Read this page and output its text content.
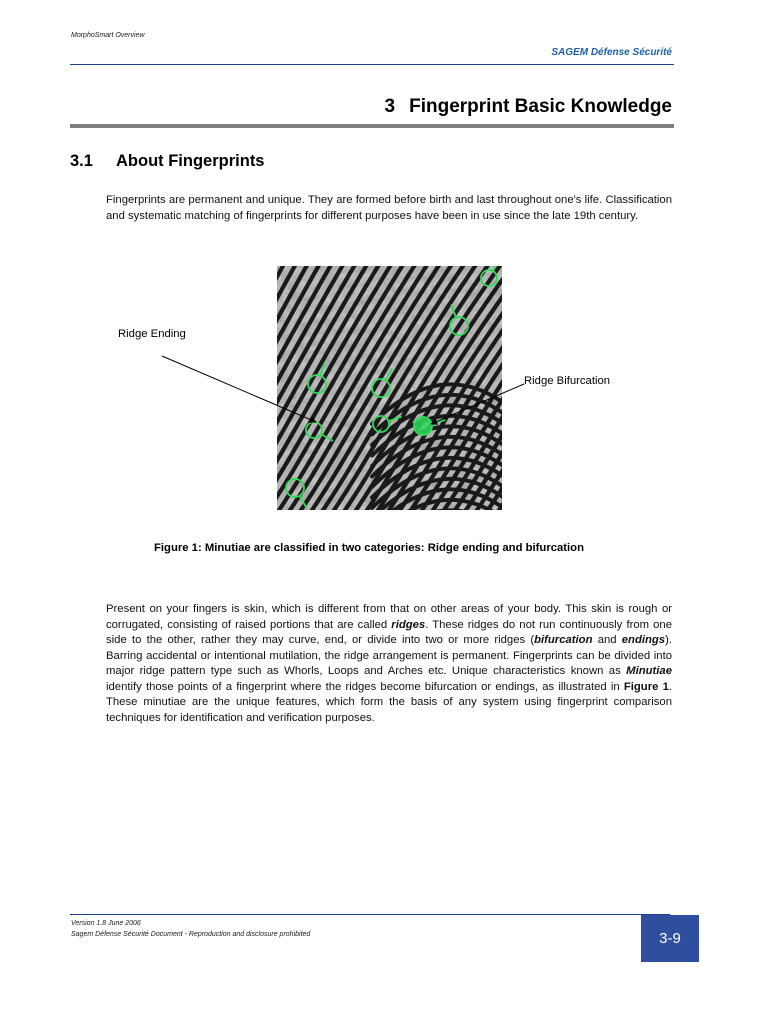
MorphoSmart Overview
SAGEM Défense Sécurité
3 Fingerprint Basic Knowledge
3.1 About Fingerprints
Fingerprints are permanent and unique. They are formed before birth and last throughout one's life. Classification and systematic matching of fingerprints for different purposes have been in use since the late 19th century.
Ridge Ending
Ridge Bifurcation
Figure 1: Minutiae are classified in two categories: Ridge ending and bifurcation
Present on your fingers is skin, which is different from that on other areas of your body. This skin is rough or corrugated, consisting of raised portions that are called ridges. These ridges do not run continuously from one side to the other, rather they may curve, end, or divide into two or more ridges (bifurcation and endings). Barring accidental or intentional mutilation, the ridge arrangement is permanent. Fingerprints can be divided into major ridge pattern type such as Whorls, Loops and Arches etc. Unique characteristics known as Minutiae identify those points of a fingerprint where the ridges become bifurcation or endings, as illustrated in Figure 1. These minutiae are the unique features, which form the basis of any system using fingerprint comparison techniques for identification and verification purposes.
Version 1.8 June 2006
Sagem Défense Sécurité Document - Reproduction and disclosure prohibited	3-9
